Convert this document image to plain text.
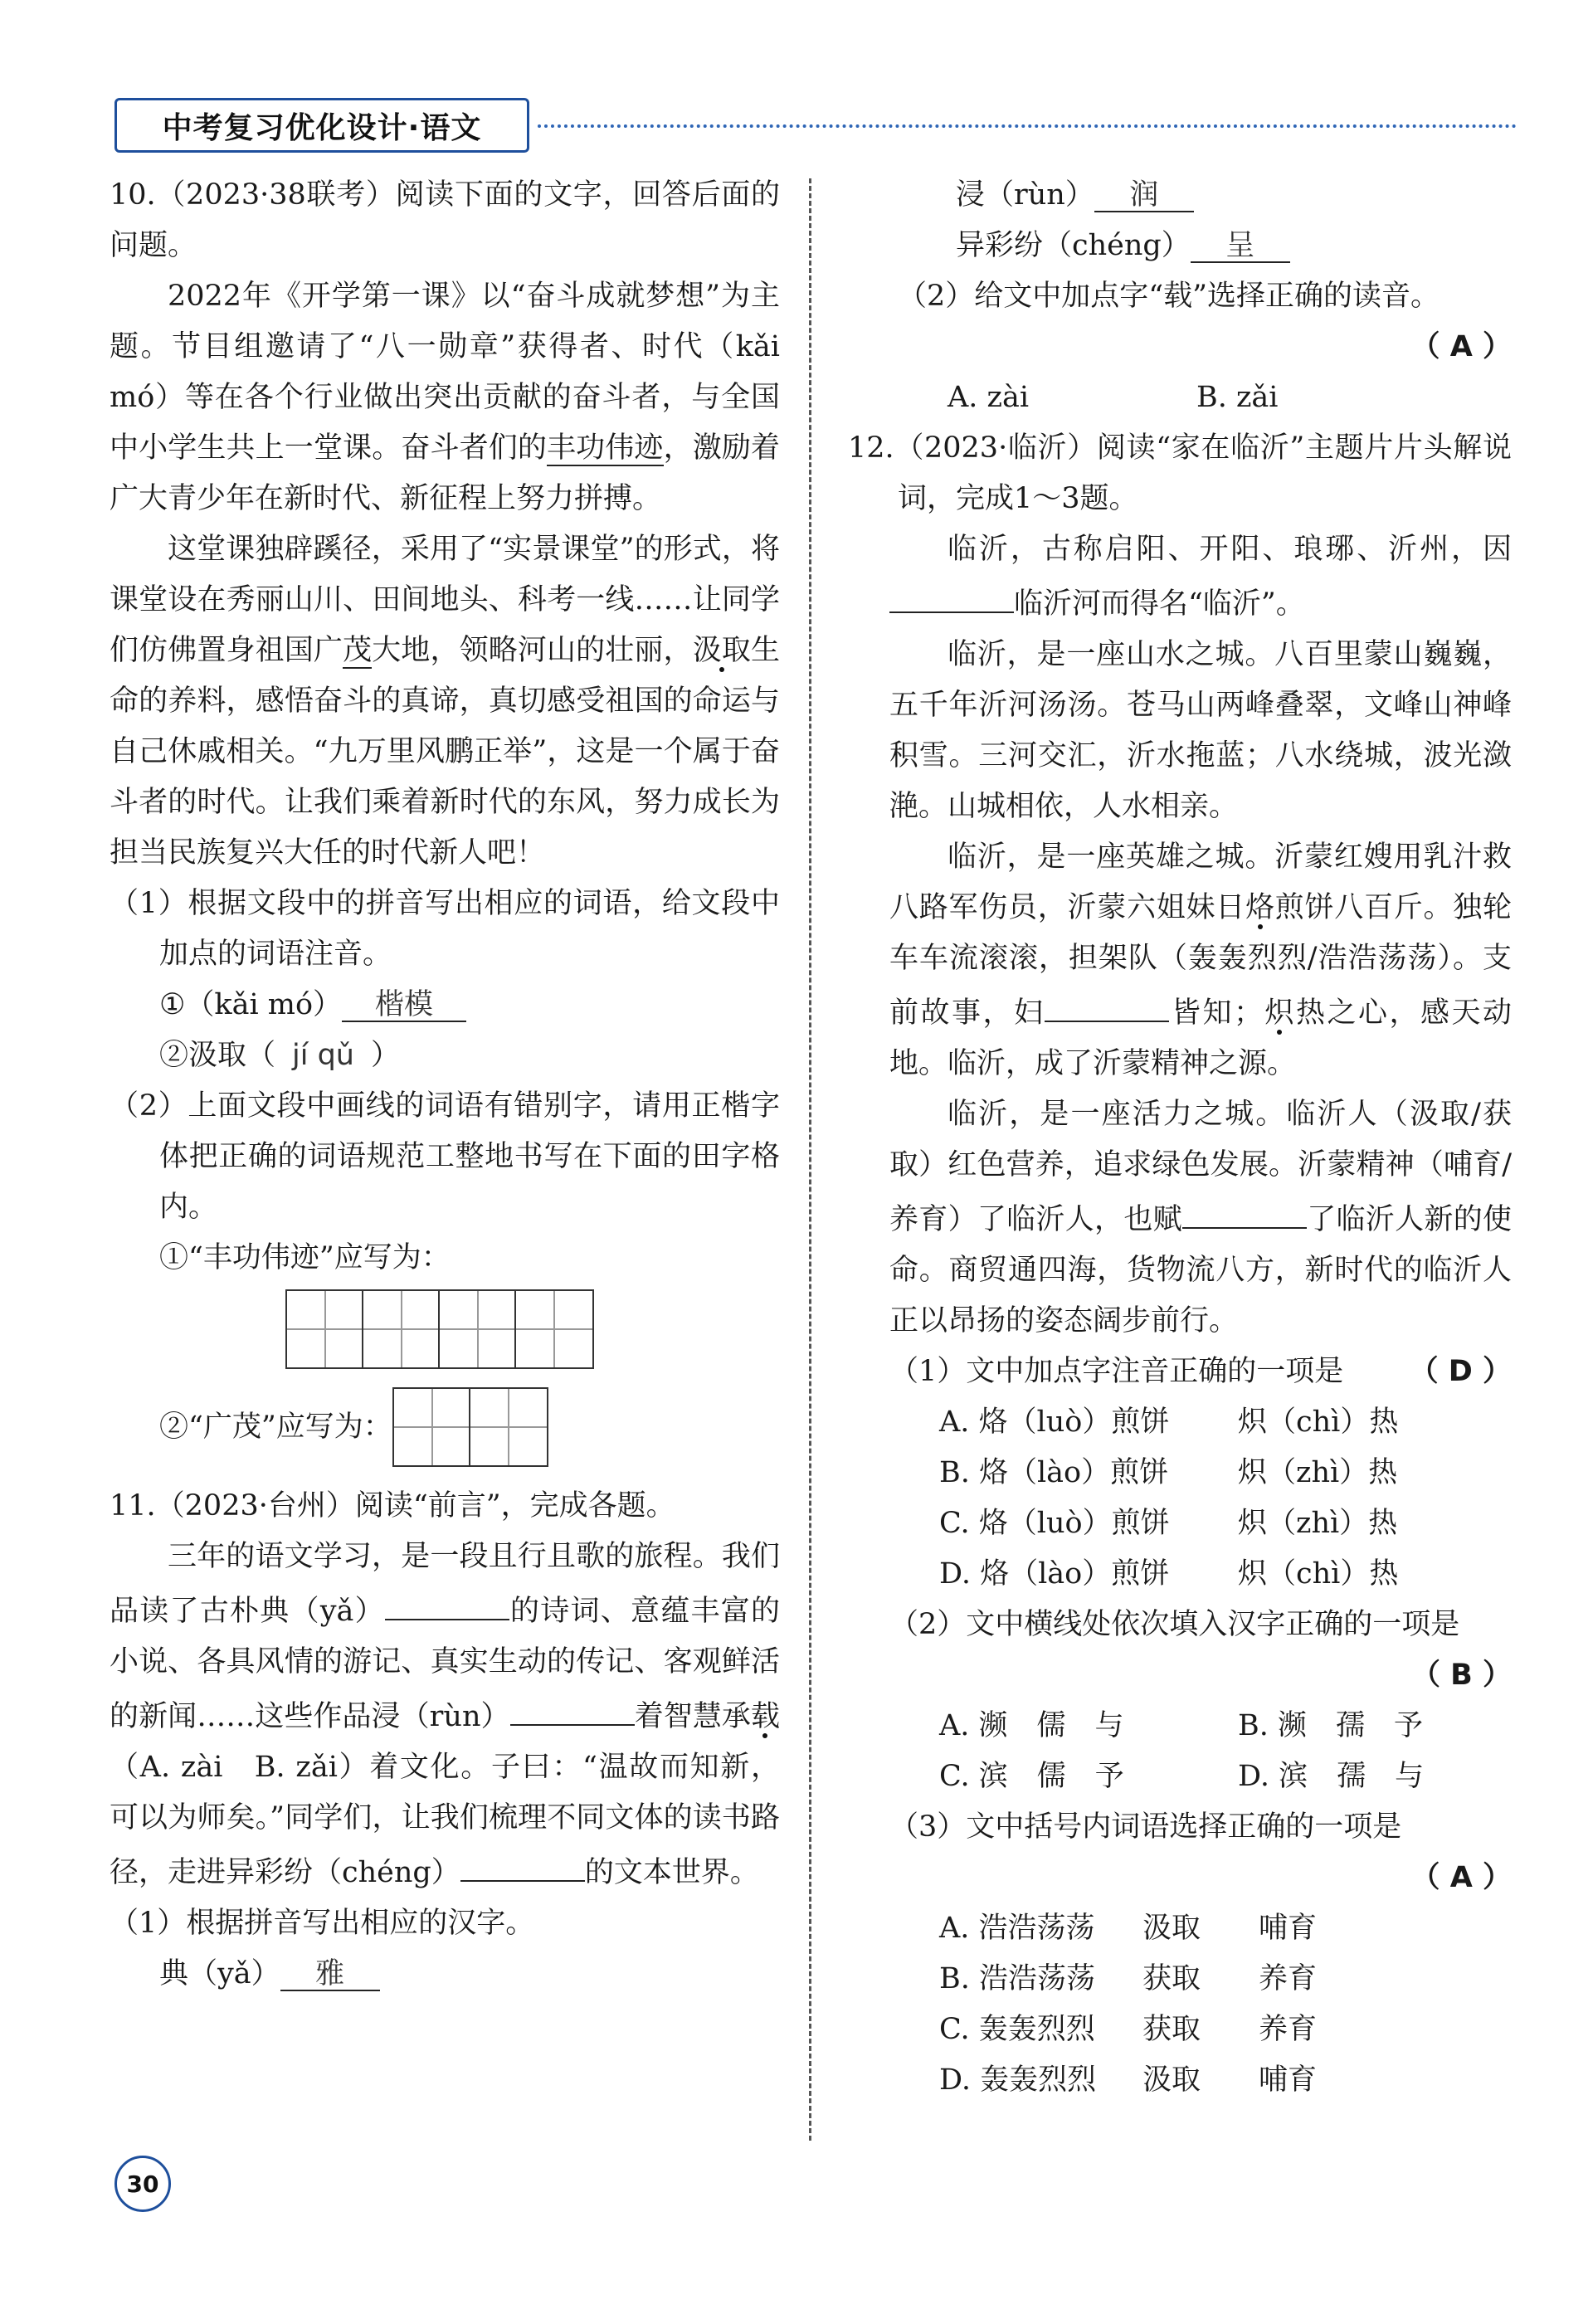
中考复习优化设计·语文
10.（2023·38联考）阅读下面的文字，回答后面的问题。
2022年《开学第一课》以“奋斗成就梦想”为主题。节目组邀请了“八一勋章”获得者、时代（kǎi mó）等在各个行业做出突出贡献的奋斗者，与全国中小学生共上一堂课。奋斗者们的丰功伟迹，激励着广大青少年在新时代、新征程上努力拼搏。
这堂课独辟蹊径，采用了“实景课堂”的形式，将课堂设在秀丽山川、田间地头、科考一线……让同学们仿佛置身祖国广茂大地，领略河山的壮丽，汲取生命的养料，感悟奋斗的真谛，真切感受祖国的命运与自己休戚相关。“九万里风鹏正举”，这是一个属于奋斗者的时代。让我们乘着新时代的东风，努力成长为担当民族复兴大任的时代新人吧！
（1）根据文段中的拼音写出相应的词语，给文段中加点的词语注音。
①（kǎi mó） 楷模
②汲取（ jí qǔ ）
（2）上面文段中画线的词语有错别字，请用正楷字体把正确的词语规范工整地书写在下面的田字格内。
①“丰功伟迹”应写为：
②“广茂”应写为：
11.（2023·台州）阅读“前言”，完成各题。
三年的语文学习，是一段且行且歌的旅程。我们品读了古朴典（yǎ）	的诗词、意蕴丰富的小说、各具风情的游记、真实生动的传记、客观鲜活的新闻……这些作品浸（rùn）	着智慧承载（A. zài　B. zǎi）着文化。子曰：“温故而知新，可以为师矣。”同学们，让我们梳理不同文体的读书路径，走进异彩纷（chéng）	的文本世界。
（1）根据拼音写出相应的汉字。
典（yǎ） 雅
浸（rùn） 润
异彩纷（chéng） 呈
（2）给文中加点字“载”选择正确的读音。
（ A ）
A. zài	B. zǎi
12.（2023·临沂）阅读“家在临沂”主题片片头解说词，完成1～3题。
临沂，古称启阳、开阳、琅琊、沂州，因临沂河而得名“临沂”。
临沂，是一座山水之城。八百里蒙山巍巍，五千年沂河汤汤。苍马山两峰叠翠，文峰山神峰积雪。三河交汇，沂水拖蓝；八水绕城，波光潋滟。山城相依，人水相亲。
临沂，是一座英雄之城。沂蒙红嫂用乳汁救八路军伤员，沂蒙六姐妹日烙煎饼八百斤。独轮车车流滚滚，担架队（轰轰烈烈/浩浩荡荡）。支前故事，妇	皆知；炽热之心，感天动地。临沂，成了沂蒙精神之源。
临沂，是一座活力之城。临沂人（汲取/获取）红色营养，追求绿色发展。沂蒙精神（哺育/养育）了临沂人，也赋	了临沂人新的使命。商贸通四海，货物流八方，新时代的临沂人正以昂扬的姿态阔步前行。
（1）文中加点字注音正确的一项是 （ D ）
A. 烙（luò）煎饼	炽（chì）热
B. 烙（lào）煎饼	炽（zhì）热
C. 烙（luò）煎饼	炽（zhì）热
D. 烙（lào）煎饼	炽（chì）热
（2）文中横线处依次填入汉字正确的一项是
（ B ）
A. 濒　儒　与	B. 濒　孺　予
C. 滨　儒　予	D. 滨　孺　与
（3）文中括号内词语选择正确的一项是
（ A ）
A. 浩浩荡荡	汲取	哺育
B. 浩浩荡荡	获取	养育
C. 轰轰烈烈	获取	养育
D. 轰轰烈烈	汲取	哺育
30
